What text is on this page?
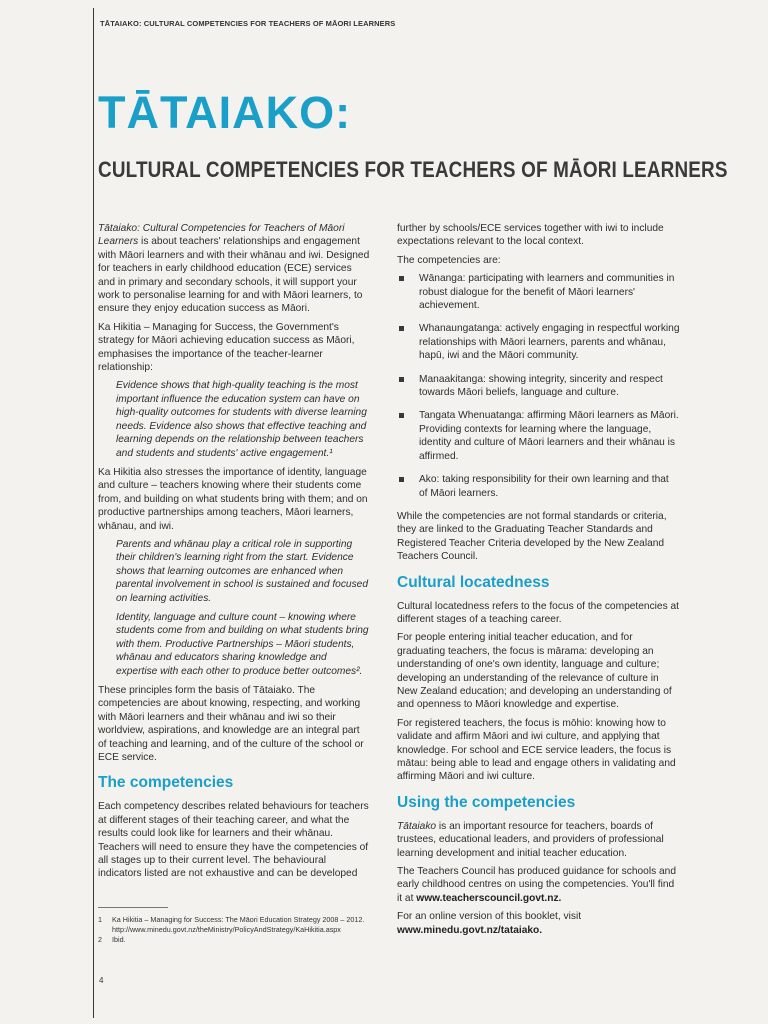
TĀTAIAKO: CULTURAL COMPETENCIES FOR TEACHERS OF MĀORI LEARNERS
TĀTAIAKO:
CULTURAL COMPETENCIES FOR TEACHERS OF MĀORI LEARNERS

Tātaiako: Cultural Competencies for Teachers of Māori Learners is about teachers' relationships and engagement with Māori learners and with their whānau and iwi. Designed for teachers in early childhood education (ECE) services and in primary and secondary schools, it will support your work to personalise learning for and with Māori learners, to ensure they enjoy education success as Māori.

Ka Hikitia – Managing for Success, the Government's strategy for Māori achieving education success as Māori, emphasises the importance of the teacher-learner relationship:

Evidence shows that high-quality teaching is the most important influence the education system can have on high-quality outcomes for students with diverse learning needs. Evidence also shows that effective teaching and learning depends on the relationship between teachers and students and students' active engagement.¹

Ka Hikitia also stresses the importance of identity, language and culture – teachers knowing where their students come from, and building on what students bring with them; and on productive partnerships among teachers, Māori learners, whānau, and iwi.

Parents and whānau play a critical role in supporting their children's learning right from the start. Evidence shows that learning outcomes are enhanced when parental involvement in school is sustained and focused on learning activities.

Identity, language and culture count – knowing where students come from and building on what students bring with them. Productive Partnerships – Māori students, whānau and educators sharing knowledge and expertise with each other to produce better outcomes².

These principles form the basis of Tātaiako. The competencies are about knowing, respecting, and working with Māori learners and their whānau and iwi so their worldview, aspirations, and knowledge are an integral part of teaching and learning, and of the culture of the school or ECE service.

The competencies

Each competency describes related behaviours for teachers at different stages of their teaching career, and what the results could look like for learners and their whānau. Teachers will need to ensure they have the competencies of all stages up to their current level. The behavioural indicators listed are not exhaustive and can be developed

further by schools/ECE services together with iwi to include expectations relevant to the local context.

The competencies are:

Wānanga: participating with learners and communities in robust dialogue for the benefit of Māori learners' achievement.
Whanaungatanga: actively engaging in respectful working relationships with Māori learners, parents and whānau, hapū, iwi and the Māori community.
Manaakitanga: showing integrity, sincerity and respect towards Māori beliefs, language and culture.
Tangata Whenuatanga: affirming Māori learners as Māori. Providing contexts for learning where the language, identity and culture of Māori learners and their whānau is affirmed.
Ako: taking responsibility for their own learning and that of Māori learners.

While the competencies are not formal standards or criteria, they are linked to the Graduating Teacher Standards and Registered Teacher Criteria developed by the New Zealand Teachers Council.

Cultural locatedness

Cultural locatedness refers to the focus of the competencies at different stages of a teaching career.

For people entering initial teacher education, and for graduating teachers, the focus is mārama: developing an understanding of one's own identity, language and culture; developing an understanding of the relevance of culture in New Zealand education; and developing an understanding of and openness to Māori knowledge and expertise.

For registered teachers, the focus is mōhio: knowing how to validate and affirm Māori and iwi culture, and applying that knowledge. For school and ECE service leaders, the focus is mātau: being able to lead and engage others in validating and affirming Māori and iwi culture.

Using the competencies

Tātaiako is an important resource for teachers, boards of trustees, educational leaders, and providers of professional learning development and initial teacher education.

The Teachers Council has produced guidance for schools and early childhood centres on using the competencies. You'll find it at www.teacherscouncil.govt.nz.

For an online version of this booklet, visit
www.minedu.govt.nz/tataiako.

1	Ka Hikitia – Managing for Success: The Māori Education Strategy 2008 – 2012. http://www.minedu.govt.nz/theMinistry/PolicyAndStrategy/KaHikitia.aspx
2	Ibid.
4
